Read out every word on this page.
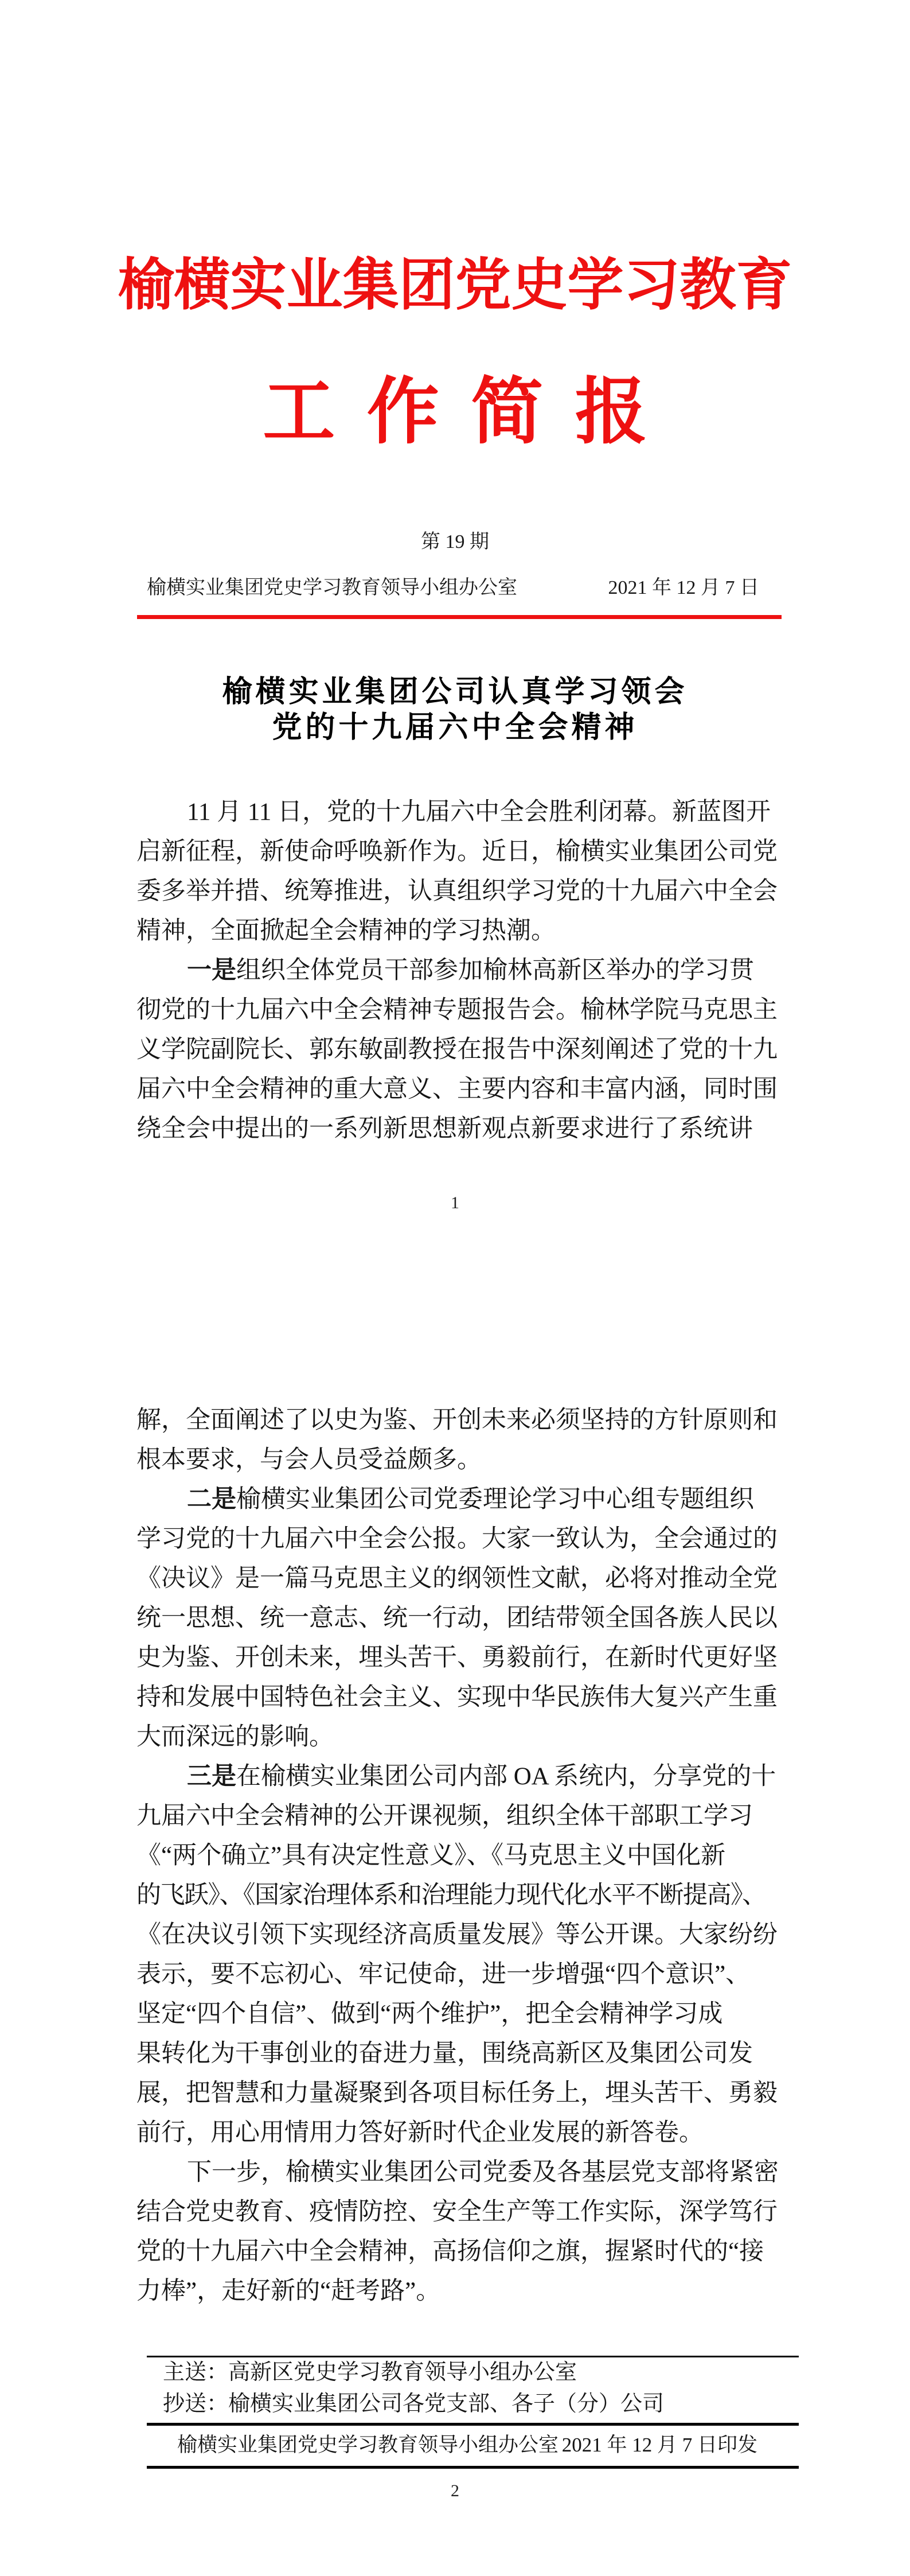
榆横实业集团党史学习教育
工 作 简 报
第 19 期
榆横实业集团党史学习教育领导小组办公室	2021 年 12 月 7 日
榆横实业集团公司认真学习领会
党的十九届六中全会精神
11 月 11 日，党的十九届六中全会胜利闭幕。新蓝图开
启新征程，新使命呼唤新作为。近日，榆横实业集团公司党
委多举并措、统筹推进，认真组织学习党的十九届六中全会
精神，全面掀起全会精神的学习热潮。
一是组织全体党员干部参加榆林高新区举办的学习贯
彻党的十九届六中全会精神专题报告会。榆林学院马克思主
义学院副院长、郭东敏副教授在报告中深刻阐述了党的十九
届六中全会精神的重大意义、主要内容和丰富内涵，同时围
绕全会中提出的一系列新思想新观点新要求进行了系统讲
1
解，全面阐述了以史为鉴、开创未来必须坚持的方针原则和
根本要求，与会人员受益颇多。
二是榆横实业集团公司党委理论学习中心组专题组织
学习党的十九届六中全会公报。大家一致认为，全会通过的
《决议》是一篇马克思主义的纲领性文献，必将对推动全党
统一思想、统一意志、统一行动，团结带领全国各族人民以
史为鉴、开创未来，埋头苦干、勇毅前行，在新时代更好坚
持和发展中国特色社会主义、实现中华民族伟大复兴产生重
大而深远的影响。
三是在榆横实业集团公司内部 OA 系统内，分享党的十
九届六中全会精神的公开课视频，组织全体干部职工学习
《“两个确立”具有决定性意义》、《马克思主义中国化新
的飞跃》、《国家治理体系和治理能力现代化水平不断提高》、
《在决议引领下实现经济高质量发展》等公开课。大家纷纷
表示，要不忘初心、牢记使命，进一步增强“四个意识”、
坚定“四个自信”、做到“两个维护”，把全会精神学习成
果转化为干事创业的奋进力量，围绕高新区及集团公司发
展，把智慧和力量凝聚到各项目标任务上，埋头苦干、勇毅
前行，用心用情用力答好新时代企业发展的新答卷。
下一步，榆横实业集团公司党委及各基层党支部将紧密
结合党史教育、疫情防控、安全生产等工作实际，深学笃行
党的十九届六中全会精神，高扬信仰之旗，握紧时代的“接
力棒”，走好新的“赶考路”。
主送：高新区党史学习教育领导小组办公室
抄送：榆横实业集团公司各党支部、各子（分）公司
榆横实业集团党史学习教育领导小组办公室 2021 年 12 月 7 日印发
2
